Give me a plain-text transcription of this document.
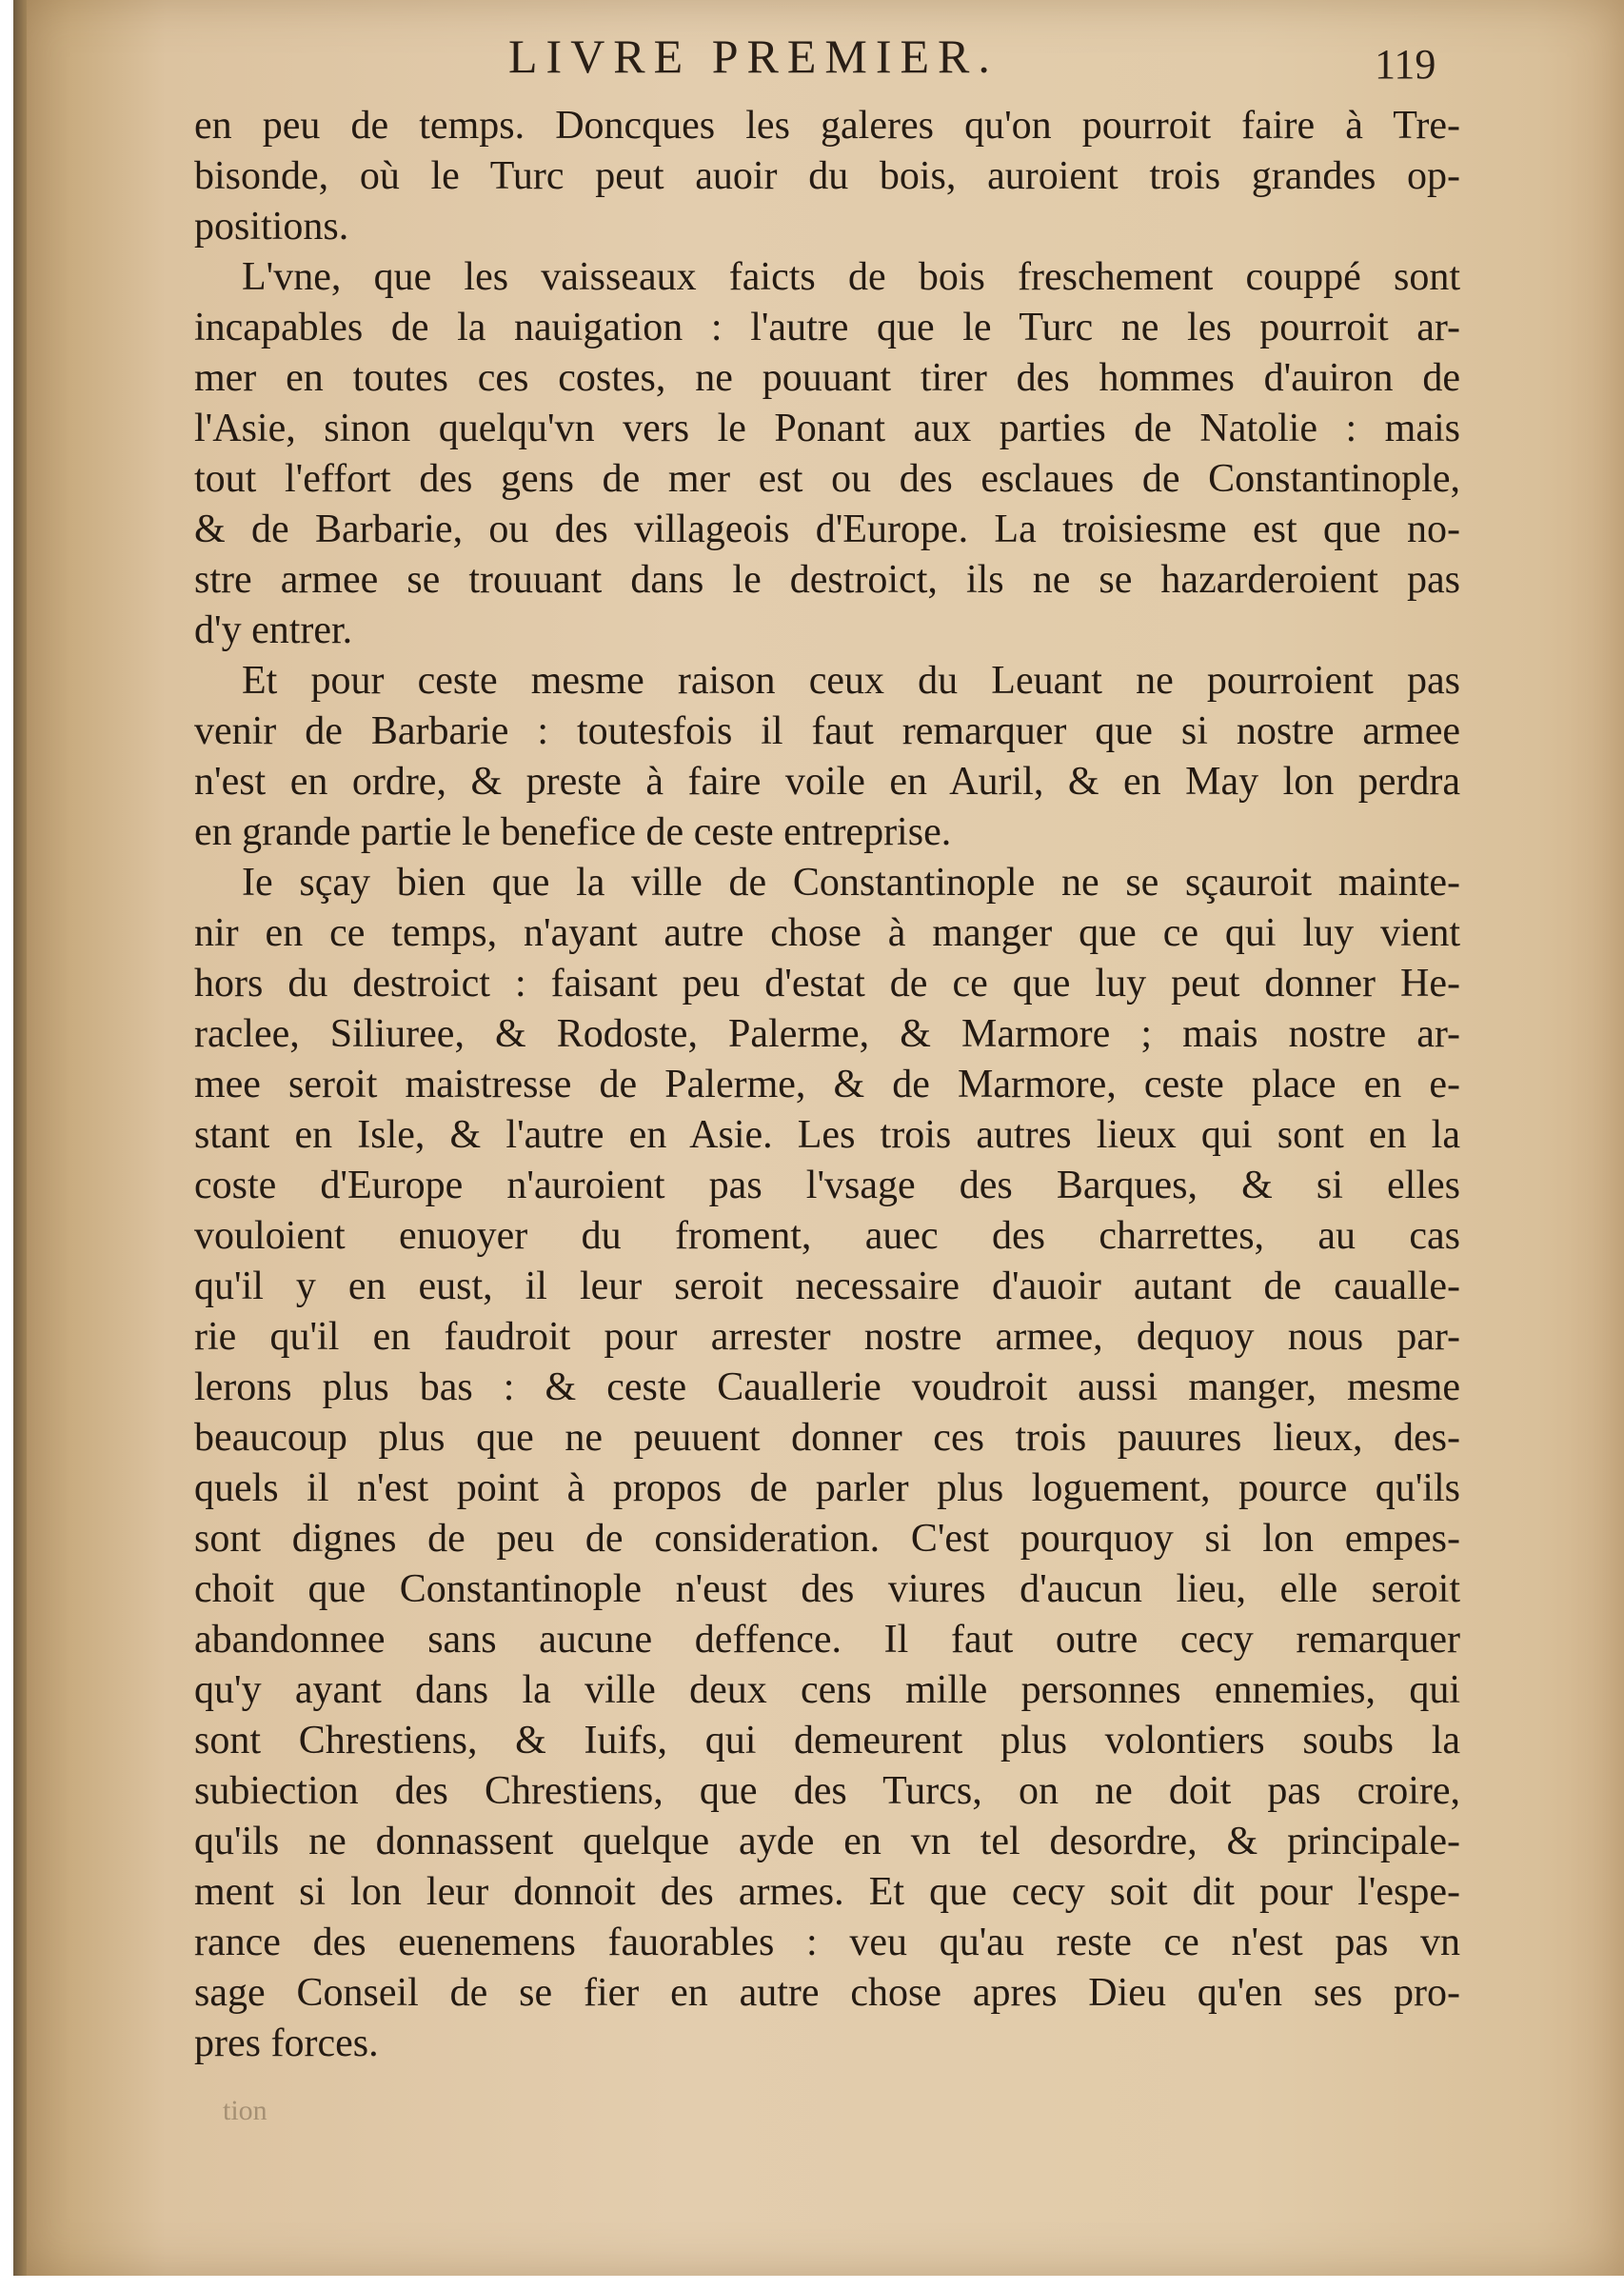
LIVRE PREMIER.	119
en peu de temps. Doncques les galeres qu'on pourroit faire à Tre-
bisonde, où le Turc peut auoir du bois, auroient trois grandes op-
positions.
L'vne, que les vaisseaux faicts de bois freschement couppé sont
incapables de la nauigation : l'autre que le Turc ne les pourroit ar-
mer en toutes ces costes, ne pouuant tirer des hommes d'auiron de
l'Asie, sinon quelqu'vn vers le Ponant aux parties de Natolie : mais
tout l'effort des gens de mer est ou des esclaues de Constantinople,
& de Barbarie, ou des villageois d'Europe. La troisiesme est que no-
stre armee se trouuant dans le destroict, ils ne se hazarderoient pas
d'y entrer.
Et pour ceste mesme raison ceux du Leuant ne pourroient pas
venir de Barbarie : toutesfois il faut remarquer que si nostre armee
n'est en ordre, & preste à faire voile en Auril, & en May lon perdra
en grande partie le benefice de ceste entreprise.
Ie sçay bien que la ville de Constantinople ne se sçauroit mainte-
nir en ce temps, n'ayant autre chose à manger que ce qui luy vient
hors du destroict : faisant peu d'estat de ce que luy peut donner He-
raclee, Siliuree, & Rodoste, Palerme, & Marmore ; mais nostre ar-
mee seroit maistresse de Palerme, & de Marmore, ceste place en e-
stant en Isle, & l'autre en Asie. Les trois autres lieux qui sont en la
coste d'Europe n'auroient pas l'vsage des Barques, & si elles
vouloient enuoyer du froment, auec des charrettes, au cas
qu'il y en eust, il leur seroit necessaire d'auoir autant de caualle-
rie qu'il en faudroit pour arrester nostre armee, dequoy nous par-
lerons plus bas : & ceste Cauallerie voudroit aussi manger, mesme
beaucoup plus que ne peuuent donner ces trois pauures lieux, des-
quels il n'est point à propos de parler plus loguement, pource qu'ils
sont dignes de peu de consideration. C'est pourquoy si lon empes-
choit que Constantinople n'eust des viures d'aucun lieu, elle seroit
abandonnee sans aucune deffence. Il faut outre cecy remarquer
qu'y ayant dans la ville deux cens mille personnes ennemies, qui
sont Chrestiens, & Iuifs, qui demeurent plus volontiers soubs la
subiection des Chrestiens, que des Turcs, on ne doit pas croire,
qu'ils ne donnassent quelque ayde en vn tel desordre, & principale-
ment si lon leur donnoit des armes. Et que cecy soit dit pour l'espe-
rance des euenemens fauorables : veu qu'au reste ce n'est pas vn
sage Conseil de se fier en autre chose apres Dieu qu'en ses pro-
pres forces.
tion
